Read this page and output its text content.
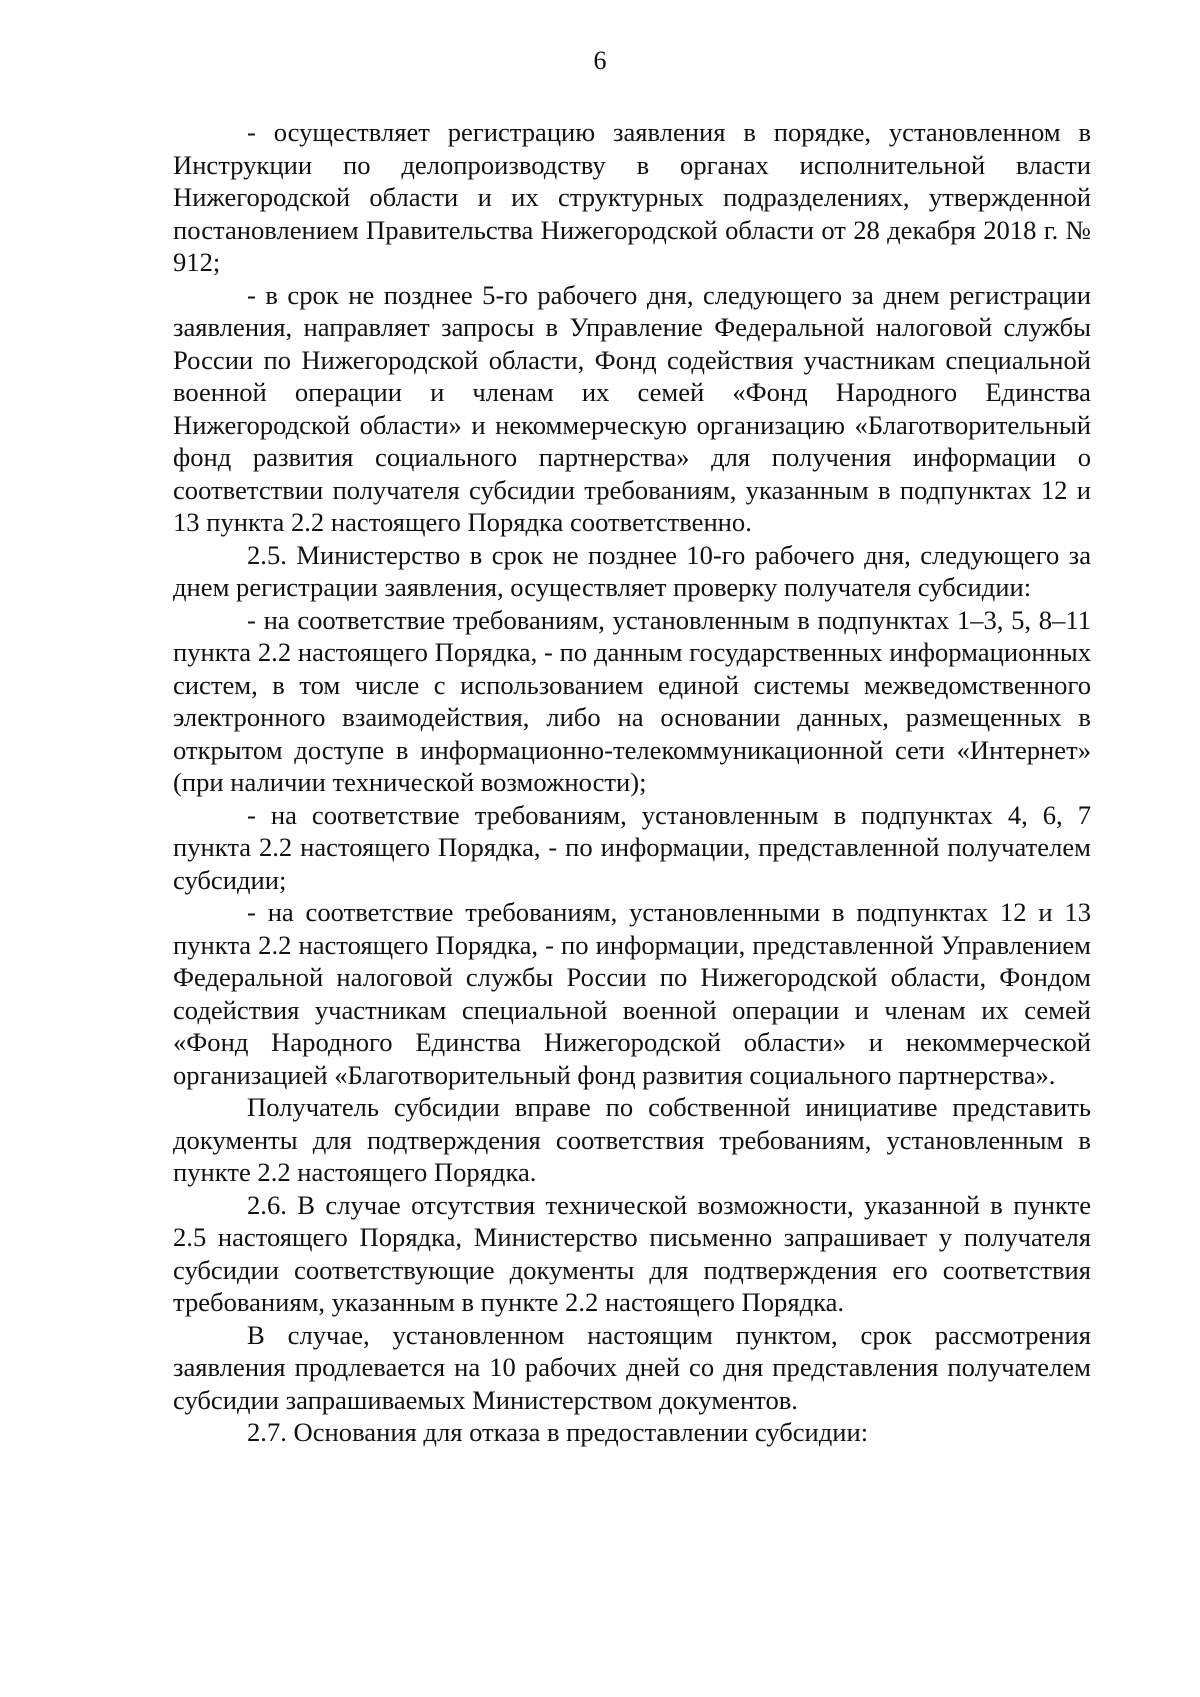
6

- осуществляет регистрацию заявления в порядке, установленном в Инструкции по делопроизводству в органах исполнительной власти Нижегородской области и их структурных подразделениях, утвержденной постановлением Правительства Нижегородской области от 28 декабря 2018 г. № 912;

- в срок не позднее 5-го рабочего дня, следующего за днем регистрации заявления, направляет запросы в Управление Федеральной налоговой службы России по Нижегородской области, Фонд содействия участникам специальной военной операции и членам их семей «Фонд Народного Единства Нижегородской области» и некоммерческую организацию «Благотворительный фонд развития социального партнерства» для получения информации о соответствии получателя субсидии требованиям, указанным в подпунктах 12 и 13 пункта 2.2 настоящего Порядка соответственно.

2.5. Министерство в срок не позднее 10-го рабочего дня, следующего за днем регистрации заявления, осуществляет проверку получателя субсидии:

- на соответствие требованиям, установленным в подпунктах 1–3, 5, 8–11 пункта 2.2 настоящего Порядка, - по данным государственных информационных систем, в том числе с использованием единой системы межведомственного электронного взаимодействия, либо на основании данных, размещенных в открытом доступе в информационно-телекоммуникационной сети «Интернет» (при наличии технической возможности);

- на соответствие требованиям, установленным в подпунктах 4, 6, 7 пункта 2.2 настоящего Порядка, - по информации, представленной получателем субсидии;

- на соответствие требованиям, установленными в подпунктах 12 и 13 пункта 2.2 настоящего Порядка, - по информации, представленной Управлением Федеральной налоговой службы России по Нижегородской области, Фондом содействия участникам специальной военной операции и членам их семей «Фонд Народного Единства Нижегородской области» и некоммерческой организацией «Благотворительный фонд развития социального партнерства».

Получатель субсидии вправе по собственной инициативе представить документы для подтверждения соответствия требованиям, установленным в пункте 2.2 настоящего Порядка.

2.6. В случае отсутствия технической возможности, указанной в пункте 2.5 настоящего Порядка, Министерство письменно запрашивает у получателя субсидии соответствующие документы для подтверждения его соответствия требованиям, указанным в пункте 2.2 настоящего Порядка.

В случае, установленном настоящим пунктом, срок рассмотрения заявления продлевается на 10 рабочих дней со дня представления получателем субсидии запрашиваемых Министерством документов.

2.7. Основания для отказа в предоставлении субсидии:
